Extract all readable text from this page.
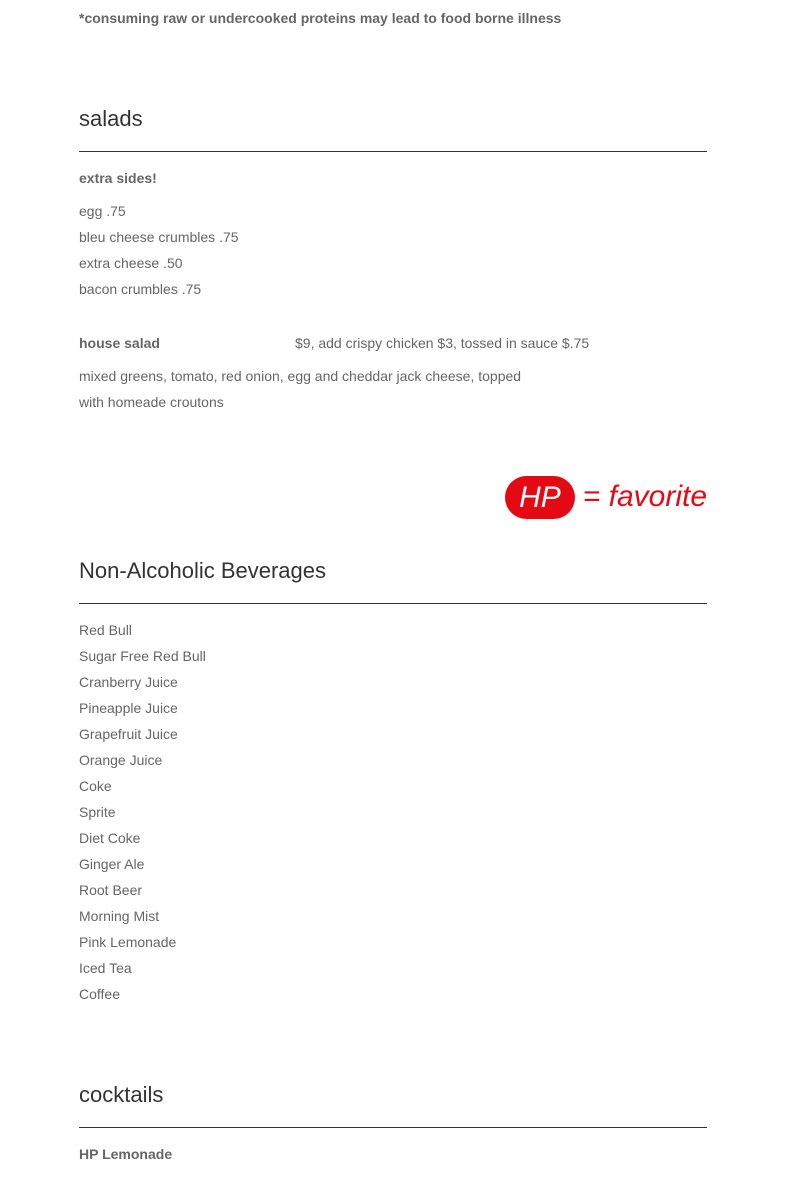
*consuming raw or undercooked proteins may lead to food borne illness
salads
extra sides!
egg .75
bleu cheese crumbles .75
extra cheese .50
bacon crumbles .75
house salad	$9, add crispy chicken $3, tossed in sauce $.75
mixed greens, tomato, red onion, egg and cheddar jack cheese, topped
with homeade croutons
HP = favorite
Non-Alcoholic Beverages
Red Bull
Sugar Free Red Bull
Cranberry Juice
Pineapple Juice
Grapefruit Juice
Orange Juice
Coke
Sprite
Diet Coke
Ginger Ale
Root Beer
Morning Mist
Pink Lemonade
Iced Tea
Coffee
cocktails
HP Lemonade
